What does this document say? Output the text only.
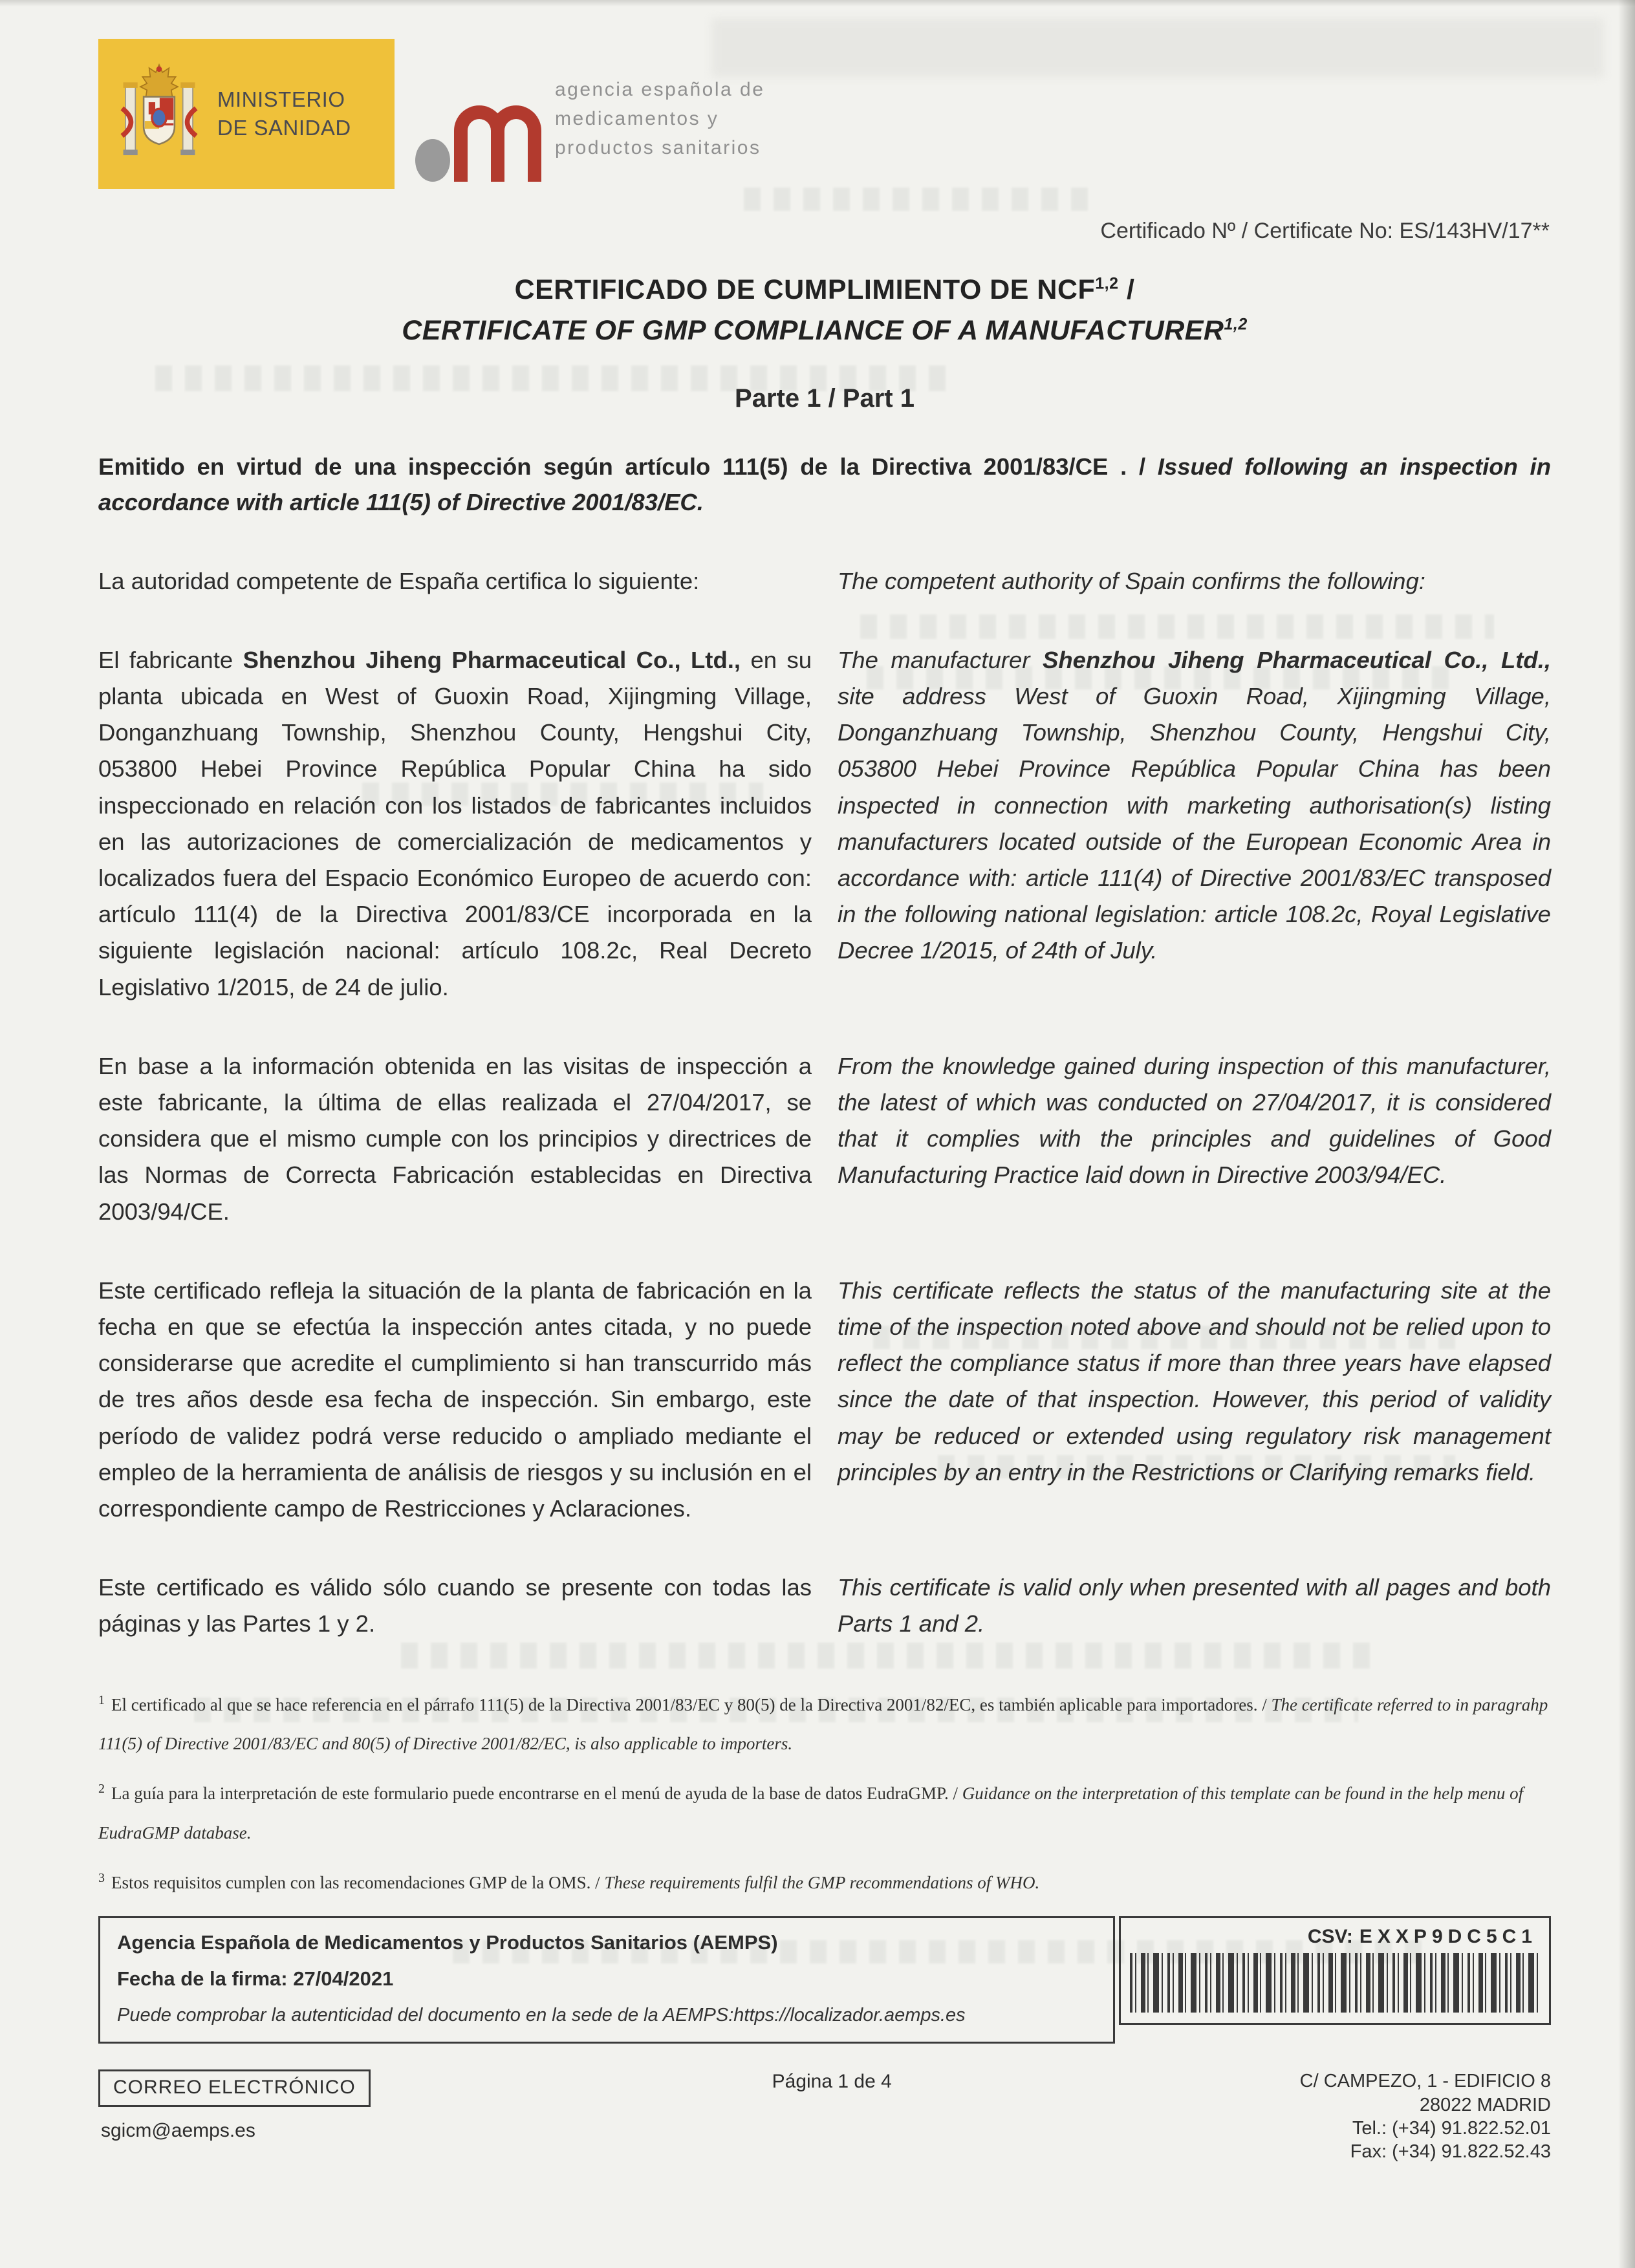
MINISTERIO
DE SANIDAD
agencia española de
medicamentos y
productos sanitarios
Certificado Nº / Certificate No: ES/143HV/17**
CERTIFICADO DE CUMPLIMIENTO DE NCF$^{1,2}$ /
CERTIFICATE OF GMP COMPLIANCE OF A MANUFACTURER$^{1,2}$
Parte 1 / Part 1

Emitido en virtud de una inspección según artículo 111(5) de la Directiva 2001/83/CE . / Issued following an inspection in accordance with article 111(5) of Directive 2001/83/EC.

La autoridad competente de España certifica lo siguiente:	The competent authority of Spain confirms the following:
El fabricante Shenzhou Jiheng Pharmaceutical Co., Ltd., en su planta ubicada en West of Guoxin Road, Xijingming Village, Donganzhuang Township, Shenzhou County, Hengshui City, 053800 Hebei Province República Popular China ha sido inspeccionado en relación con los listados de fabricantes incluidos en las autorizaciones de comercialización de medicamentos y localizados fuera del Espacio Económico Europeo de acuerdo con: artículo 111(4) de la Directiva 2001/83/CE incorporada en la siguiente legislación nacional: artículo 108.2c, Real Decreto Legislativo 1/2015, de 24 de julio.
The manufacturer Shenzhou Jiheng Pharmaceutical Co., Ltd., site address West of Guoxin Road, Xijingming Village, Donganzhuang Township, Shenzhou County, Hengshui City, 053800 Hebei Province República Popular China has been inspected in connection with marketing authorisation(s) listing manufacturers located outside of the European Economic Area in accordance with: article 111(4) of Directive 2001/83/EC transposed in the following national legislation: article 108.2c, Royal Legislative Decree 1/2015, of 24th of July.
En base a la información obtenida en las visitas de inspección a este fabricante, la última de ellas realizada el 27/04/2017, se considera que el mismo cumple con los principios y directrices de las Normas de Correcta Fabricación establecidas en Directiva 2003/94/CE.
From the knowledge gained during inspection of this manufacturer, the latest of which was conducted on 27/04/2017, it is considered that it complies with the principles and guidelines of Good Manufacturing Practice laid down in Directive 2003/94/EC.
Este certificado refleja la situación de la planta de fabricación en la fecha en que se efectúa la inspección antes citada, y no puede considerarse que acredite el cumplimiento si han transcurrido más de tres años desde esa fecha de inspección. Sin embargo, este período de validez podrá verse reducido o ampliado mediante el empleo de la herramienta de análisis de riesgos y su inclusión en el correspondiente campo de Restricciones y Aclaraciones.
This certificate reflects the status of the manufacturing site at the time of the inspection noted above and should not be relied upon to reflect the compliance status if more than three years have elapsed since the date of that inspection. However, this period of validity may be reduced or extended using regulatory risk management principles by an entry in the Restrictions or Clarifying remarks field.
Este certificado es válido sólo cuando se presente con todas las páginas y las Partes 1 y 2.
This certificate is valid only when presented with all pages and both Parts 1 and 2.
$^1$ El certificado al que se hace referencia en el párrafo 111(5) de la Directiva 2001/83/EC y 80(5) de la Directiva 2001/82/EC, es también aplicable para importadores. / The certificate referred to in paragrahp 111(5) of Directive 2001/83/EC and 80(5) of Directive 2001/82/EC, is also applicable to importers.
$^2$ La guía para la interpretación de este formulario puede encontrarse en el menú de ayuda de la base de datos EudraGMP. / Guidance on the interpretation of this template can be found in the help menu of EudraGMP database.
$^3$ Estos requisitos cumplen con las recomendaciones GMP de la OMS. / These requirements fulfil the GMP recommendations of WHO.
Agencia Española de Medicamentos y Productos Sanitarios (AEMPS)
Fecha de la firma: 27/04/2021
Puede comprobar la autenticidad del documento en la sede de la AEMPS:https://localizador.aemps.es
CSV: EXXP9DC5C1
CORREO ELECTRÓNICO
sgicm@aemps.es
Página 1 de 4	C/ CAMPEZO, 1 - EDIFICIO 8
28022 MADRID
Tel.: (+34) 91.822.52.01
Fax: (+34) 91.822.52.43
